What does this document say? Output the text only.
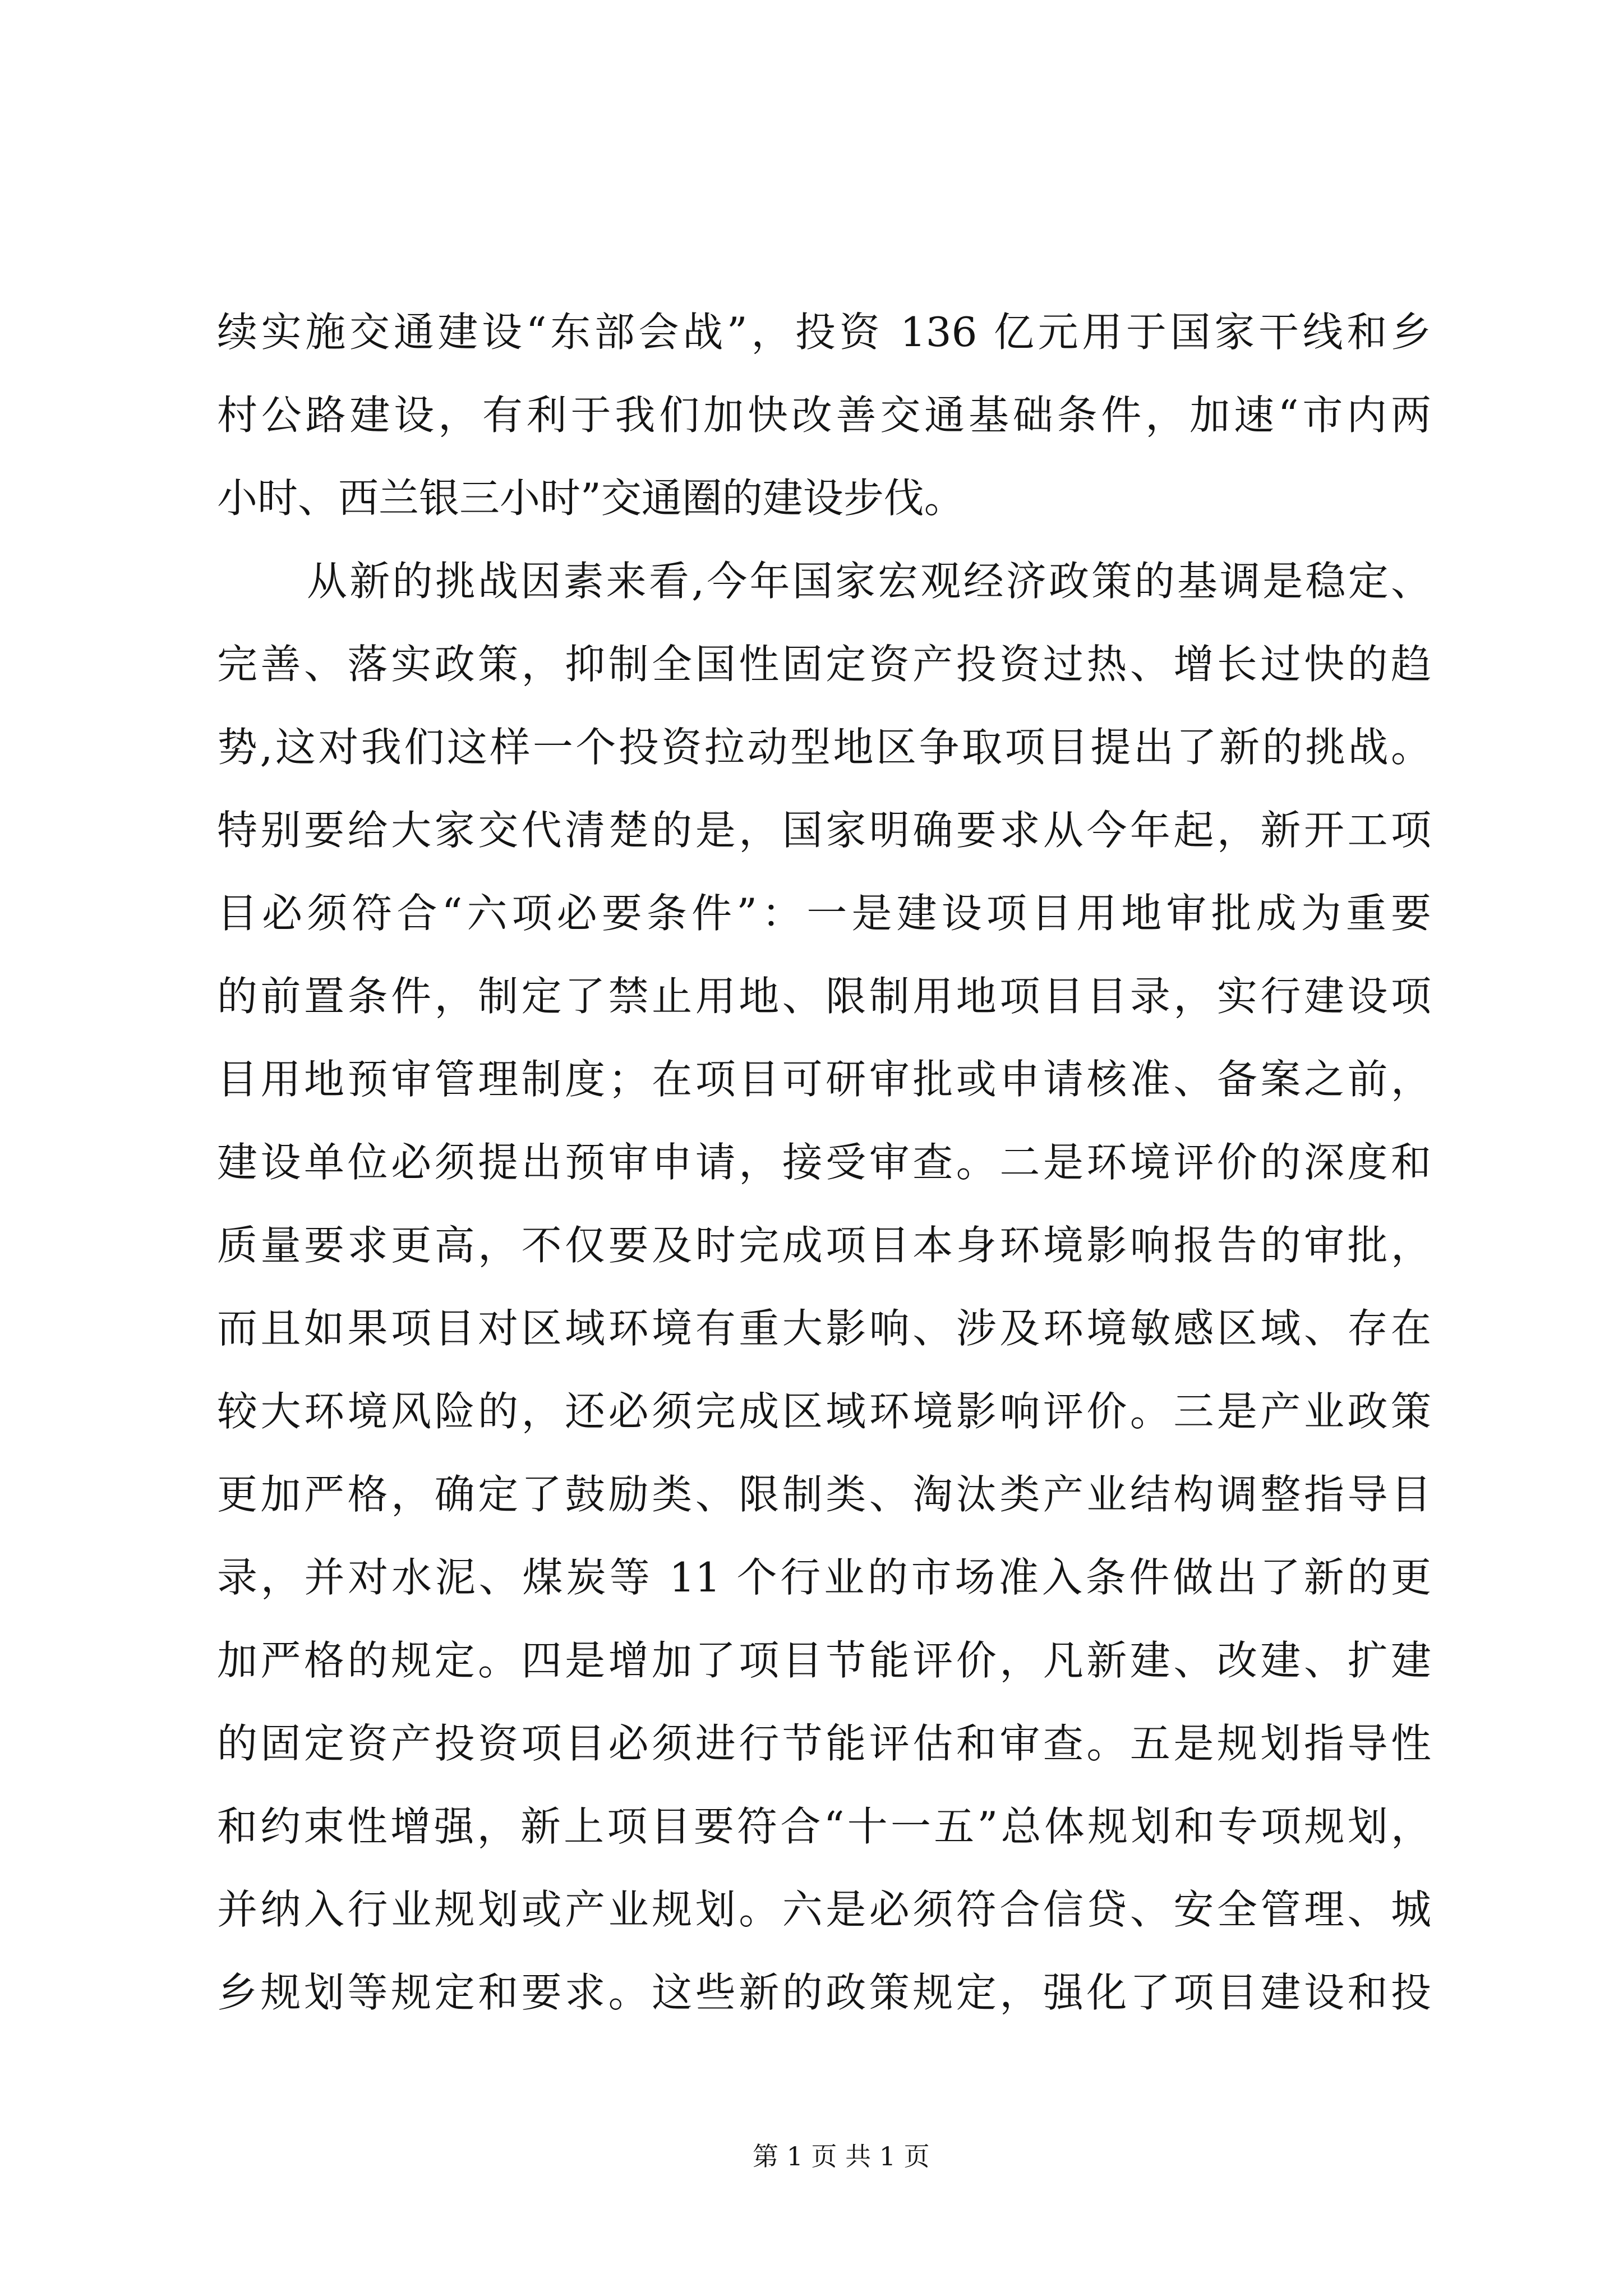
续实施交通建设“东部会战”，投资 136 亿元用于国家干线和乡
村公路建设，有利于我们加快改善交通基础条件，加速“市内两
小时、西兰银三小时”交通圈的建设步伐。
从新的挑战因素来看,今年国家宏观经济政策的基调是稳定、
完善、落实政策，抑制全国性固定资产投资过热、增长过快的趋
势,这对我们这样一个投资拉动型地区争取项目提出了新的挑战。
特别要给大家交代清楚的是，国家明确要求从今年起，新开工项
目必须符合“六项必要条件”：一是建设项目用地审批成为重要
的前置条件，制定了禁止用地、限制用地项目目录，实行建设项
目用地预审管理制度；在项目可研审批或申请核准、备案之前，
建设单位必须提出预审申请，接受审查。二是环境评价的深度和
质量要求更高，不仅要及时完成项目本身环境影响报告的审批，
而且如果项目对区域环境有重大影响、涉及环境敏感区域、存在
较大环境风险的，还必须完成区域环境影响评价。三是产业政策
更加严格，确定了鼓励类、限制类、淘汰类产业结构调整指导目
录，并对水泥、煤炭等 11 个行业的市场准入条件做出了新的更
加严格的规定。四是增加了项目节能评价，凡新建、改建、扩建
的固定资产投资项目必须进行节能评估和审查。五是规划指导性
和约束性增强，新上项目要符合“十一五”总体规划和专项规划，
并纳入行业规划或产业规划。六是必须符合信贷、安全管理、城
乡规划等规定和要求。这些新的政策规定，强化了项目建设和投
第 1 页 共 1 页
